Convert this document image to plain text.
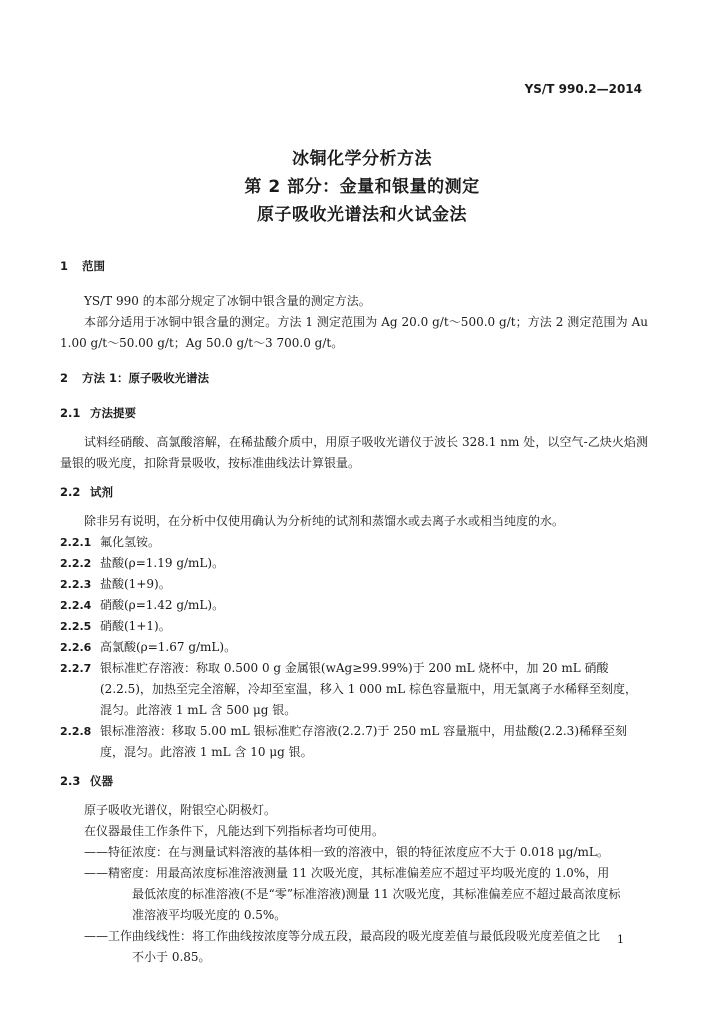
YS/T 990.2—2014
冰铜化学分析方法
第 2 部分：金量和银量的测定
原子吸收光谱法和火试金法
1 范围
YS/T 990 的本部分规定了冰铜中银含量的测定方法。
本部分适用于冰铜中银含量的测定。方法 1 测定范围为 Ag 20.0 g/t～500.0 g/t；方法 2 测定范围为 Au 1.00 g/t～50.00 g/t；Ag 50.0 g/t～3 700.0 g/t。
2 方法 1：原子吸收光谱法
2.1 方法提要
试料经硝酸、高氯酸溶解，在稀盐酸介质中，用原子吸收光谱仪于波长 328.1 nm 处，以空气-乙炔火焰测量银的吸光度，扣除背景吸收，按标准曲线法计算银量。
2.2 试剂
除非另有说明，在分析中仅使用确认为分析纯的试剂和蒸馏水或去离子水或相当纯度的水。
2.2.1 氟化氢铵。
2.2.2 盐酸(ρ=1.19 g/mL)。
2.2.3 盐酸(1+9)。
2.2.4 硝酸(ρ=1.42 g/mL)。
2.2.5 硝酸(1+1)。
2.2.6 高氯酸(ρ=1.67 g/mL)。
2.2.7 银标准贮存溶液：称取 0.500 0 g 金属银(wAg≥99.99%)于 200 mL 烧杯中，加 20 mL 硝酸(2.2.5)，加热至完全溶解，冷却至室温，移入 1 000 mL 棕色容量瓶中，用无氯离子水稀释至刻度，混匀。此溶液 1 mL 含 500 μg 银。
2.2.8 银标准溶液：移取 5.00 mL 银标准贮存溶液(2.2.7)于 250 mL 容量瓶中，用盐酸(2.2.3)稀释至刻度，混匀。此溶液 1 mL 含 10 μg 银。
2.3 仪器
原子吸收光谱仪，附银空心阴极灯。
在仪器最佳工作条件下，凡能达到下列指标者均可使用。
——特征浓度：在与测量试料溶液的基体相一致的溶液中，银的特征浓度应不大于 0.018 μg/mL。
——精密度：用最高浓度标准溶液测量 11 次吸光度，其标准偏差应不超过平均吸光度的 1.0%，用
最低浓度的标准溶液(不是“零”标准溶液)测量 11 次吸光度，其标准偏差应不超过最高浓度标
准溶液平均吸光度的 0.5%。
——工作曲线线性：将工作曲线按浓度等分成五段，最高段的吸光度差值与最低段吸光度差值之比
不小于 0.85。
1
